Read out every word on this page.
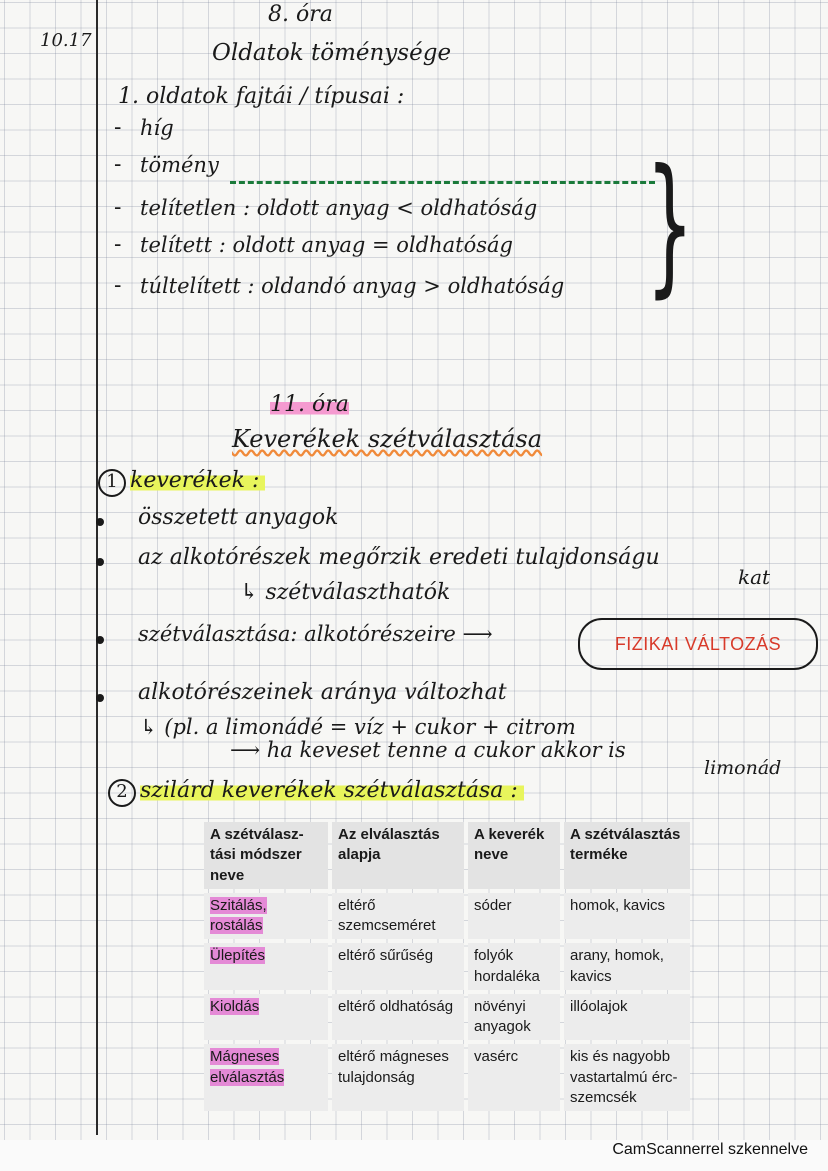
10.17
8. óra
Oldatok töménysége
1. oldatok fajtái / típusai :
- híg
- tömény
- telítetlen : oldott anyag < oldhatóság
- telített : oldott anyag = oldhatóság
- túltelített : oldandó anyag > oldhatóság }
11. óra
Keverékek szétválasztása
1 keverékek :
összetett anyagok
az alkotórészek megőrzik eredeti tulajdonságu
kat
↳ szétválaszthatók
szétválasztása: alkotórészeire ⟶	FIZIKAI VÁLTOZÁS
alkotórészeinek aránya változhat
↳ (pl. a limonádé = víz + cukor + citrom
⟶ ha keveset tenne a cukor akkor is
limonád
2 szilárd keverékek szétválasztása :
A szétválasz-tási módszer neve	Az elválasztás alapja	A keverék neve	A szétválasztás terméke
Szitálás, rostálás	eltérő szemcseméret	sóder	homok, kavics
Ülepítés	eltérő sűrűség	folyók hordaléka	arany, homok, kavics
Kioldás	eltérő oldhatóság	növényi anyagok	illóolajok
Mágneses elválasztás	eltérő mágneses tulajdonság	vasérc	kis és nagyobb vastartalmú érc-szemcsék
CamScannerrel szkennelve
